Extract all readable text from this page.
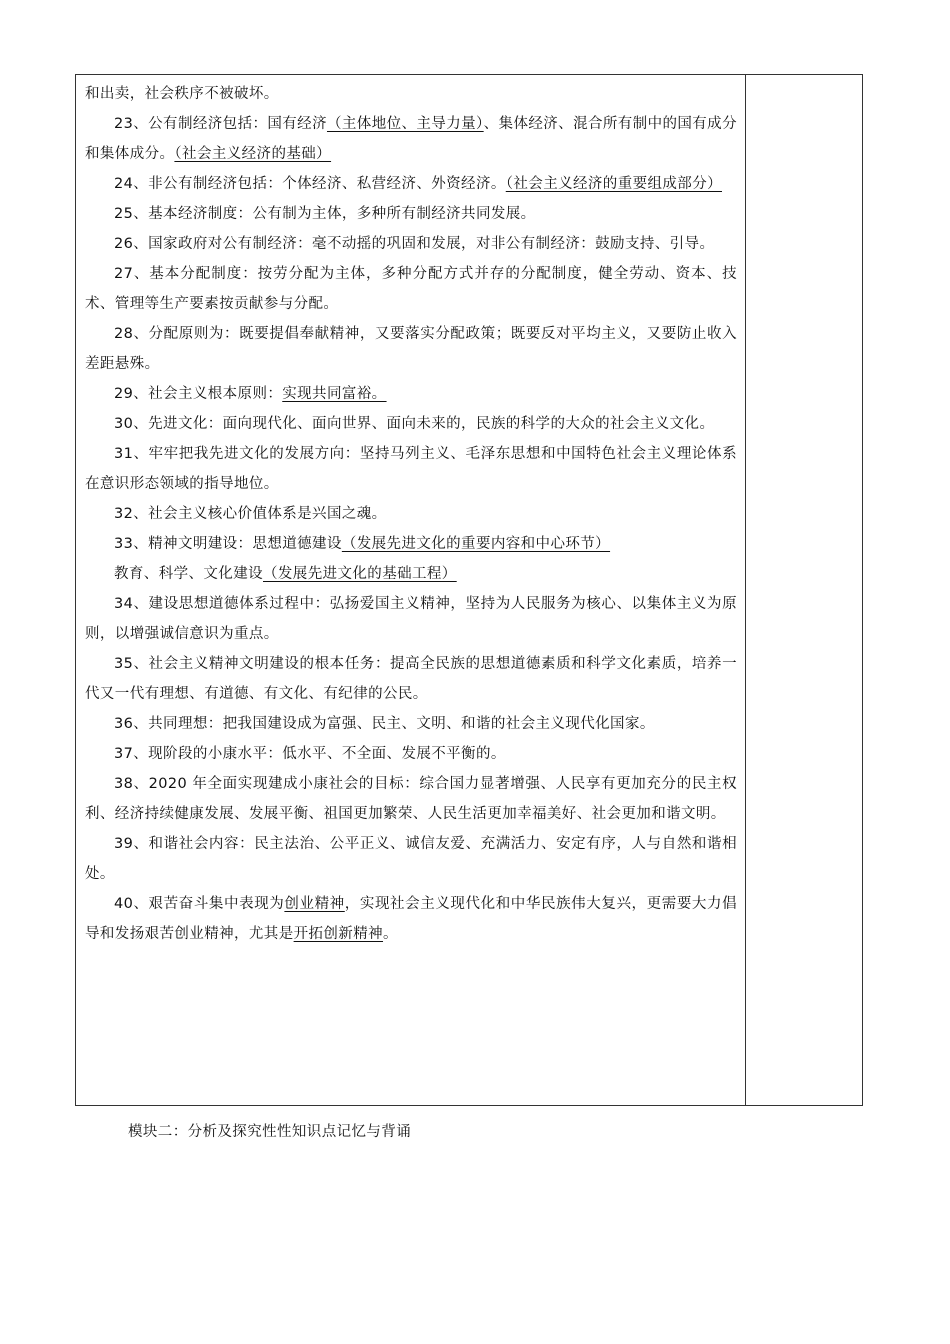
和出卖，社会秩序不被破坏。

23、公有制经济包括：国有经济（主体地位、主导力量）、集体经济、混合所有制中的国有成分和集体成分。（社会主义经济的基础）

24、非公有制经济包括：个体经济、私营经济、外资经济。（社会主义经济的重要组成部分）

25、基本经济制度：公有制为主体，多种所有制经济共同发展。

26、国家政府对公有制经济：毫不动摇的巩固和发展，对非公有制经济：鼓励支持、引导。

27、基本分配制度：按劳分配为主体，多种分配方式并存的分配制度，健全劳动、资本、技术、管理等生产要素按贡献参与分配。

28、分配原则为：既要提倡奉献精神，又要落实分配政策；既要反对平均主义，又要防止收入差距悬殊。

29、社会主义根本原则：实现共同富裕。

30、先进文化：面向现代化、面向世界、面向未来的，民族的科学的大众的社会主义文化。

31、牢牢把我先进文化的发展方向：坚持马列主义、毛泽东思想和中国特色社会主义理论体系在意识形态领域的指导地位。

32、社会主义核心价值体系是兴国之魂。

33、精神文明建设：思想道德建设（发展先进文化的重要内容和中心环节）

教育、科学、文化建设（发展先进文化的基础工程）

34、建设思想道德体系过程中：弘扬爱国主义精神，坚持为人民服务为核心、以集体主义为原则，以增强诚信意识为重点。

35、社会主义精神文明建设的根本任务：提高全民族的思想道德素质和科学文化素质，培养一代又一代有理想、有道德、有文化、有纪律的公民。

36、共同理想：把我国建设成为富强、民主、文明、和谐的社会主义现代化国家。

37、现阶段的小康水平：低水平、不全面、发展不平衡的。

38、2020 年全面实现建成小康社会的目标：综合国力显著增强、人民享有更加充分的民主权利、经济持续健康发展、发展平衡、祖国更加繁荣、人民生活更加幸福美好、社会更加和谐文明。

39、和谐社会内容：民主法治、公平正义、诚信友爱、充满活力、安定有序，人与自然和谐相处。

40、艰苦奋斗集中表现为创业精神，实现社会主义现代化和中华民族伟大复兴，更需要大力倡导和发扬艰苦创业精神，尤其是开拓创新精神。

模块二：分析及探究性性知识点记忆与背诵
